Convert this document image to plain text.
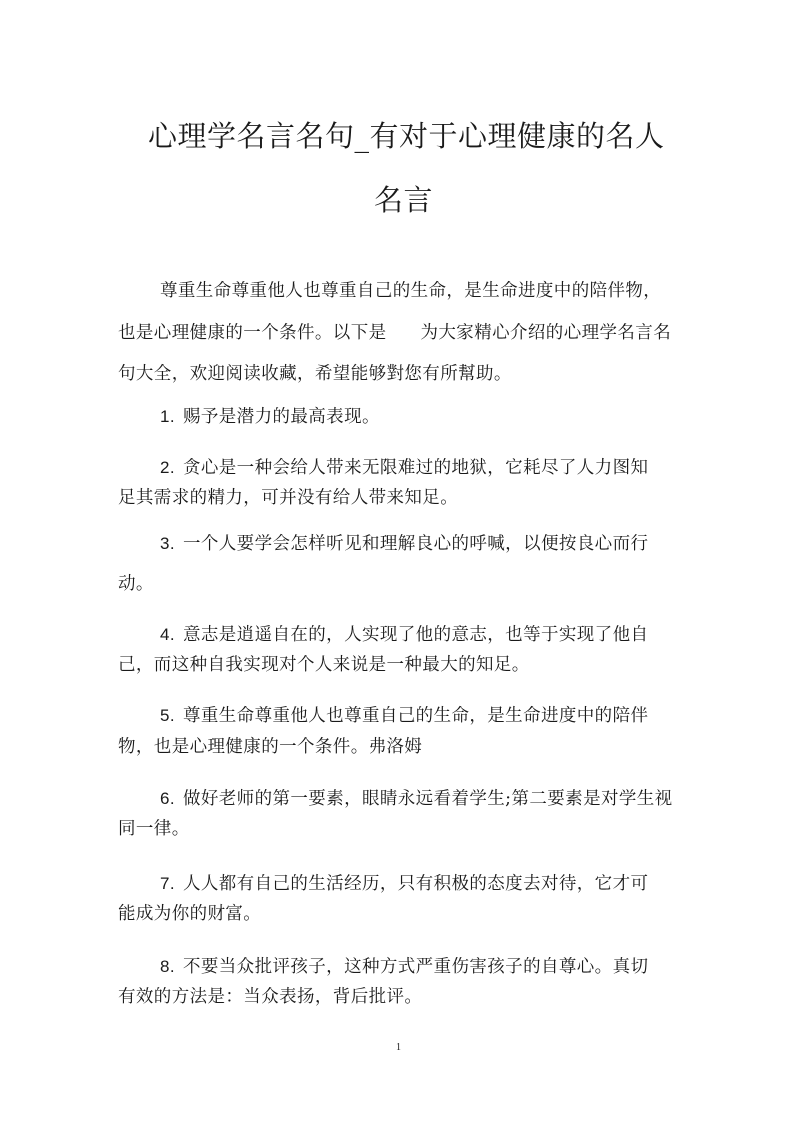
心理学名言名句_有对于心理健康的名人
名言
尊重生命尊重他人也尊重自己的生命，是生命进度中的陪伴物，
也是心理健康的一个条件。以下是 为大家精心介绍的心理学名言名
句大全，欢迎阅读收藏，希望能够對您有所幫助。
1. 赐予是潜力的最高表现。
2. 贪心是一种会给人带来无限难过的地狱，它耗尽了人力图知
足其需求的精力，可并没有给人带来知足。
3. 一个人要学会怎样听见和理解良心的呼喊，以便按良心而行
动。
4. 意志是逍遥自在的，人实现了他的意志，也等于实现了他自
己，而这种自我实现对个人来说是一种最大的知足。
5. 尊重生命尊重他人也尊重自己的生命，是生命进度中的陪伴
物，也是心理健康的一个条件。弗洛姆
6. 做好老师的第一要素，眼睛永远看着学生;第二要素是对学生视
同一律。
7. 人人都有自己的生活经历，只有积极的态度去对待，它才可
能成为你的财富。
8. 不要当众批评孩子，这种方式严重伤害孩子的自尊心。真切
有效的方法是：当众表扬，背后批评。
1
